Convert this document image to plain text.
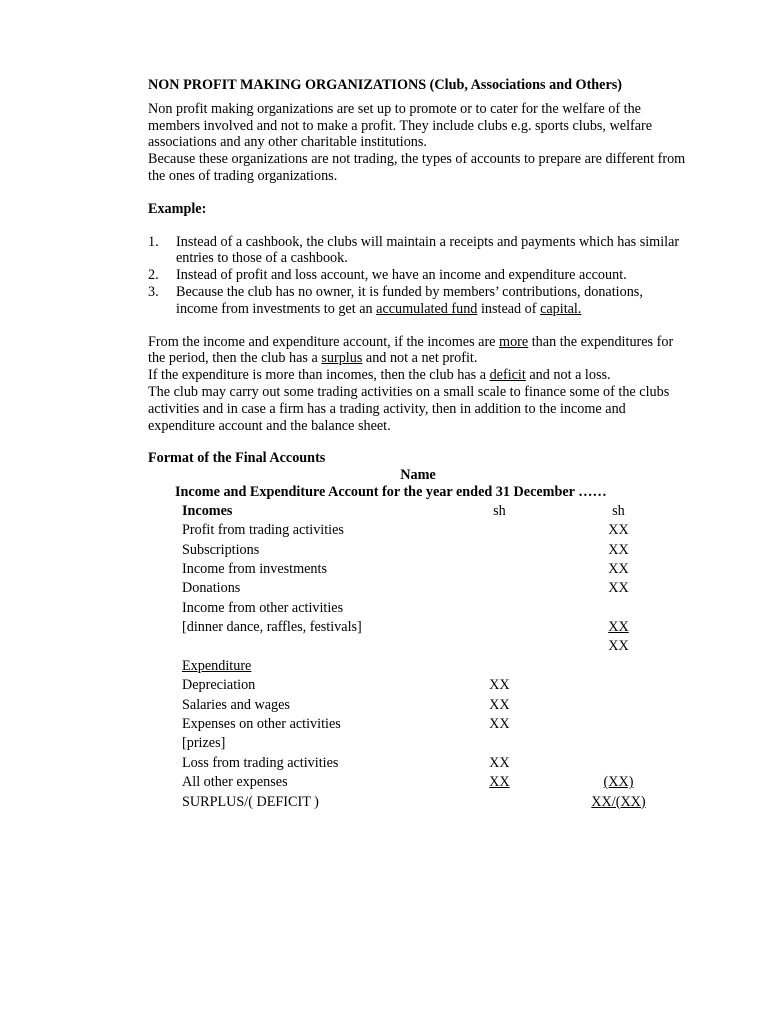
NON PROFIT MAKING ORGANIZATIONS (Club, Associations and Others)

Non profit making organizations are set up to promote or to cater for the welfare of the members involved and not to make a profit. They include clubs e.g. sports clubs, welfare associations and any other charitable institutions.

Because these organizations are not trading, the types of accounts to prepare are different from the ones of trading organizations.

Example:

1. Instead of a cashbook, the clubs will maintain a receipts and payments which has similar entries to those of a cashbook.
2. Instead of profit and loss account, we have an income and expenditure account.
3. Because the club has no owner, it is funded by members’ contributions, donations, income from investments to get an accumulated fund instead of capital.

From the income and expenditure account, if the incomes are more than the expenditures for the period, then the club has a surplus and not a net profit.
If the expenditure is more than incomes, then the club has a deficit and not a loss.
The club may carry out some trading activities on a small scale to finance some of the clubs activities and in case a firm has a trading activity, then in addition to the income and expenditure account and the balance sheet.

Format of the Final Accounts

Name

Income and Expenditure Account for the year ended 31 December ……

Incomes	sh	sh
Profit from trading activities		XX
Subscriptions		XX
Income from investments		XX
Donations		XX
Income from other activities		
[dinner dance, raffles, festivals]		XX
		XX
Expenditure		
Depreciation	XX	
Salaries and wages	XX	
Expenses on other activities	XX	
[prizes]		
Loss from trading activities	XX	
All other expenses	XX	(XX)
SURPLUS/( DEFICIT )		XX/(XX)
